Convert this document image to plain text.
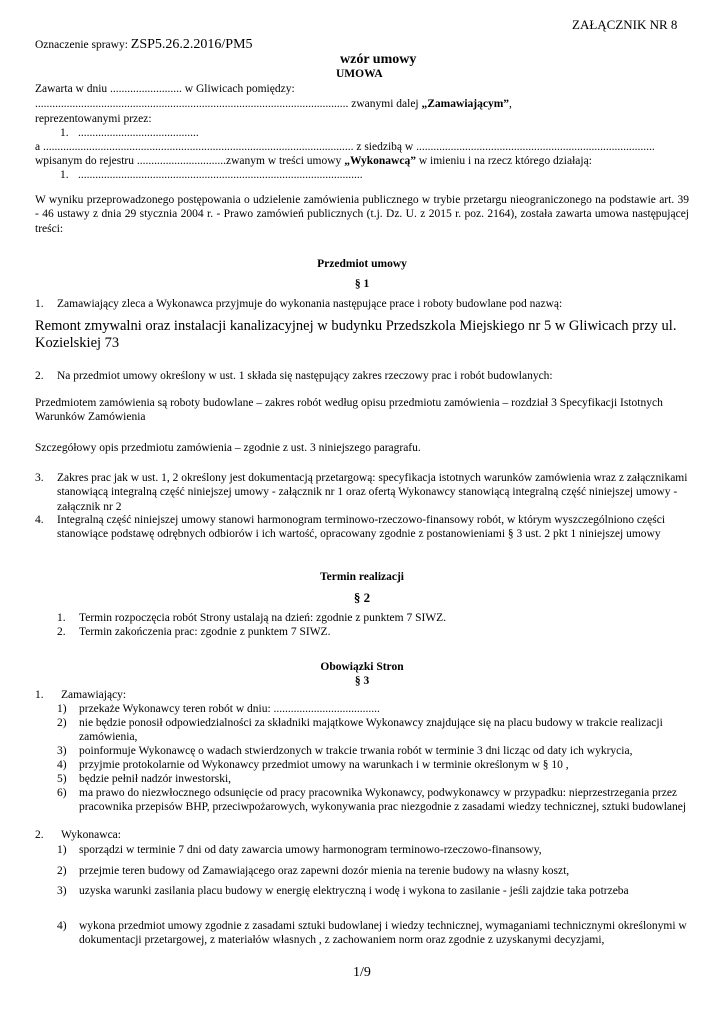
ZAŁĄCZNIK NR 8
Oznaczenie sprawy: ZSP5.26.2.2016/PM5
wzór umowy
UMOWA
Zawarta w dniu ......................... w Gliwicach pomiędzy:
............................................................................................................. zwanymi dalej „Zamawiającym”,
reprezentowanymi przez:
1. ..........................................
a ............................................................................................................ z siedzibą w ...................................................................................
wpisanym do rejestru ...............................zwanym w treści umowy „Wykonawcą” w imieniu i na rzecz którego działają:
1. ...................................................................................................
W wyniku przeprowadzonego postępowania o udzielenie zamówienia publicznego w trybie przetargu nieograniczonego na podstawie art. 39 - 46 ustawy z dnia 29 stycznia 2004 r. - Prawo zamówień publicznych (t.j. Dz. U. z 2015 r. poz. 2164), została zawarta umowa następującej treści:
Przedmiot umowy
§ 1
1. Zamawiający zleca a Wykonawca przyjmuje do wykonania następujące prace i roboty budowlane pod nazwą:
Remont zmywalni oraz instalacji kanalizacyjnej w budynku Przedszkola Miejskiego nr 5 w Gliwicach przy ul. Kozielskiej 73
2. Na przedmiot umowy określony w ust. 1 składa się następujący zakres rzeczowy prac i robót budowlanych:
Przedmiotem zamówienia są roboty budowlane – zakres robót według opisu przedmiotu zamówienia – rozdział 3 Specyfikacji Istotnych Warunków Zamówienia
Szczegółowy opis przedmiotu zamówienia – zgodnie z ust. 3 niniejszego paragrafu.
3. Zakres prac jak w ust. 1, 2 określony jest dokumentacją przetargową: specyfikacja istotnych warunków zamówienia wraz z załącznikami stanowiącą integralną część niniejszej umowy - załącznik nr 1 oraz ofertą Wykonawcy stanowiącą integralną część niniejszej umowy - załącznik nr 2
4. Integralną część niniejszej umowy stanowi harmonogram terminowo-rzeczowo-finansowy robót, w którym wyszczególniono części stanowiące podstawę odrębnych odbiorów i ich wartość, opracowany zgodnie z postanowieniami § 3 ust. 2 pkt 1 niniejszej umowy
Termin realizacji
§ 2
1. Termin rozpoczęcia robót Strony ustalają na dzień: zgodnie z punktem 7 SIWZ.
2. Termin zakończenia prac: zgodnie z punktem 7 SIWZ.
Obowiązki Stron
§ 3
1. Zamawiający:
1) przekaże Wykonawcy teren robót w dniu: .....................................
2) nie będzie ponosił odpowiedzialności za składniki majątkowe Wykonawcy znajdujące się na placu budowy w trakcie realizacji zamówienia,
3) poinformuje Wykonawcę o wadach stwierdzonych w trakcie trwania robót w terminie 3 dni licząc od daty ich wykrycia,
4) przyjmie protokolarnie od Wykonawcy przedmiot umowy na warunkach i w terminie określonym w § 10 ,
5) będzie pełnił nadzór inwestorski,
6) ma prawo do niezwłocznego odsunięcie od pracy pracownika Wykonawcy, podwykonawcy w przypadku: nieprzestrzegania przez pracownika przepisów BHP, przeciwpożarowych, wykonywania prac niezgodnie z zasadami wiedzy technicznej, sztuki budowlanej
2. Wykonawca:
1) sporządzi w terminie 7 dni od daty zawarcia umowy harmonogram terminowo-rzeczowo-finansowy,
2) przejmie teren budowy od Zamawiającego oraz zapewni dozór mienia na terenie budowy na własny koszt,
3) uzyska warunki zasilania placu budowy w energię elektryczną i wodę i wykona to zasilanie - jeśli zajdzie taka potrzeba
4) wykona przedmiot umowy zgodnie z zasadami sztuki budowlanej i wiedzy technicznej, wymaganiami technicznymi określonymi w dokumentacji przetargowej, z materiałów własnych , z zachowaniem norm oraz zgodnie z uzyskanymi decyzjami,
1/9
